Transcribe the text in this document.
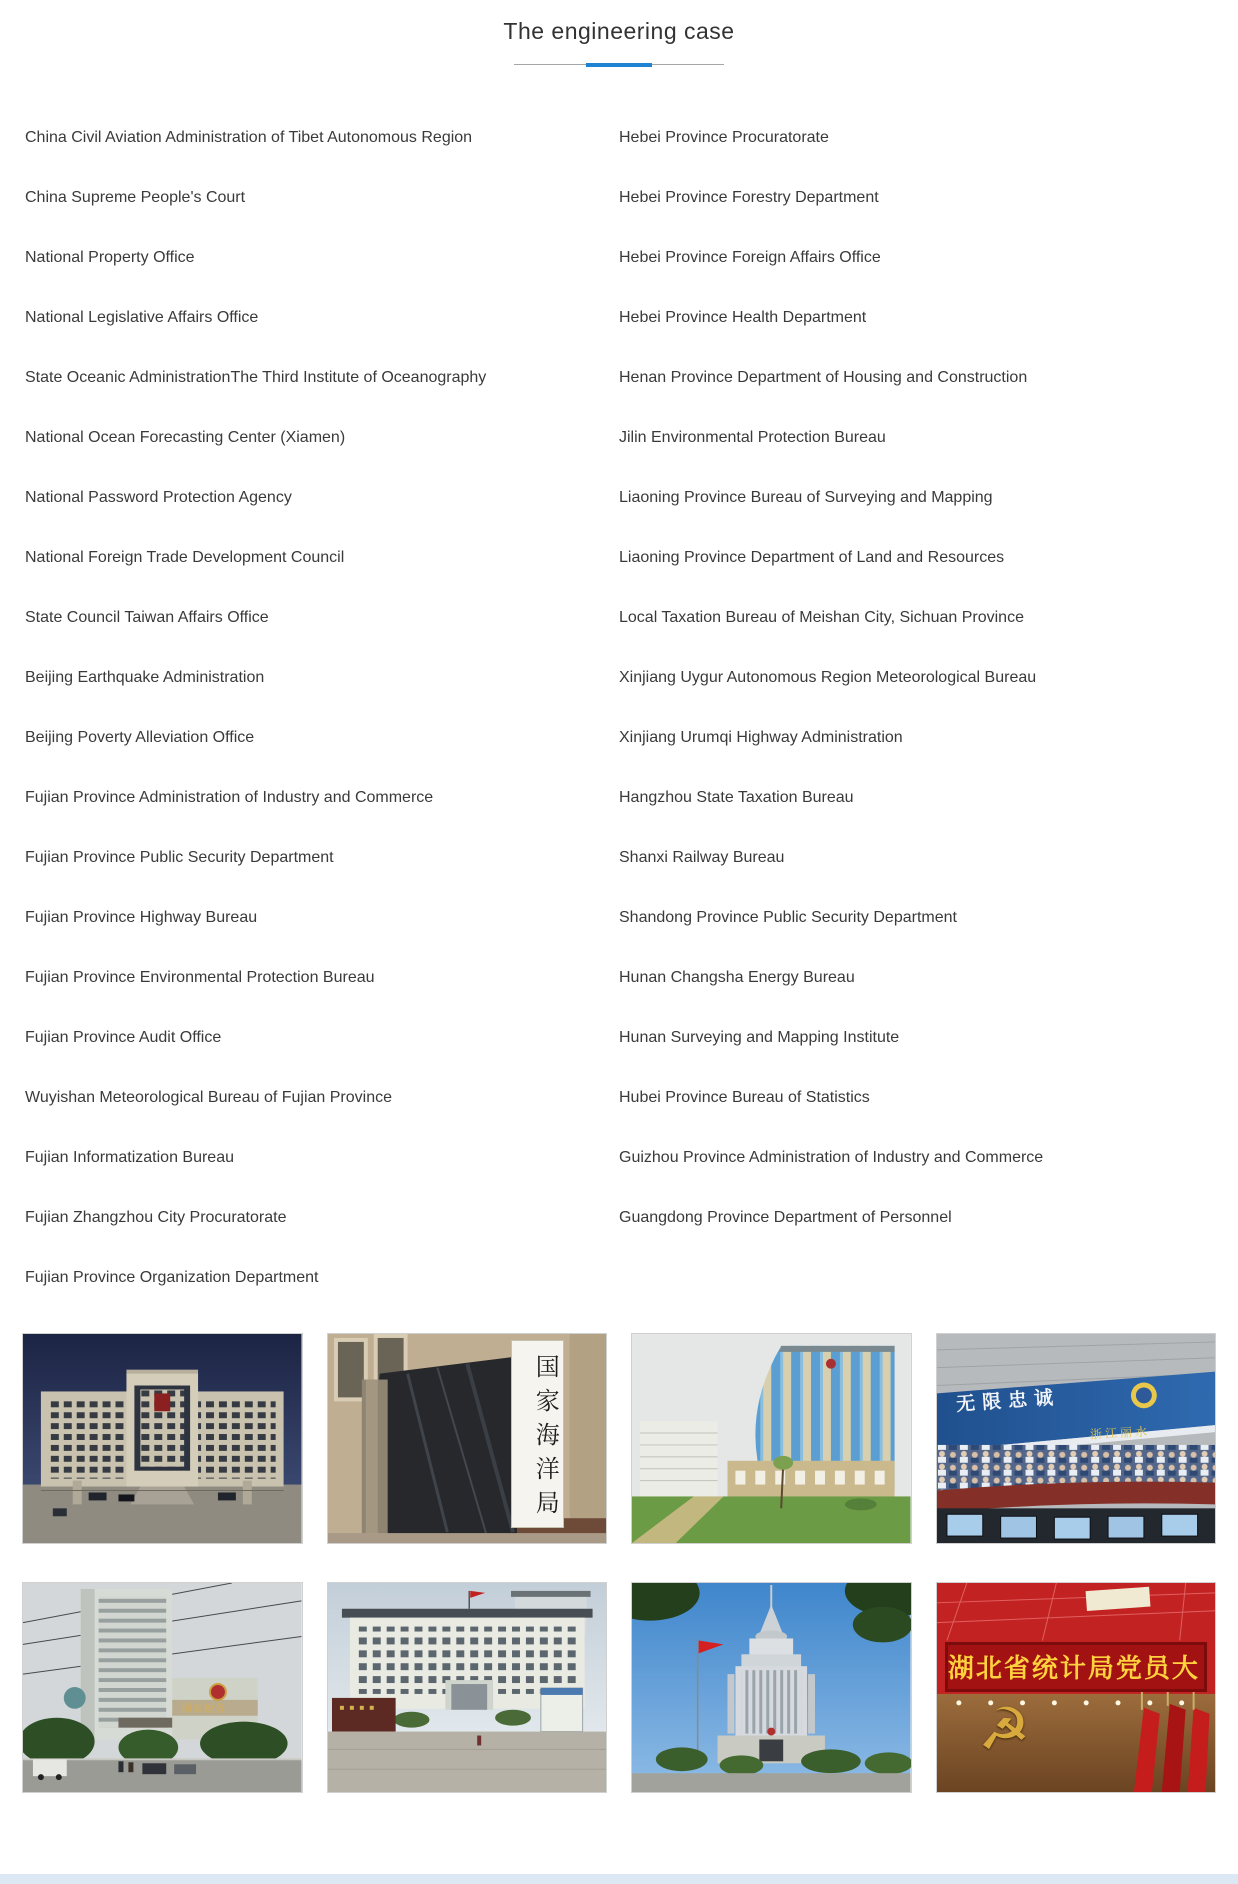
The engineering case
China Civil Aviation Administration of Tibet Autonomous Region
China Supreme People's Court
National Property Office
National Legislative Affairs Office
State Oceanic AdministrationThe Third Institute of Oceanography
National Ocean Forecasting Center (Xiamen)
National Password Protection Agency
National Foreign Trade Development Council
State Council Taiwan Affairs Office
Beijing Earthquake Administration
Beijing Poverty Alleviation Office
Fujian Province Administration of Industry and Commerce
Fujian Province Public Security Department
Fujian Province Highway Bureau
Fujian Province Environmental Protection Bureau
Fujian Province Audit Office
Wuyishan Meteorological Bureau of Fujian Province
Fujian Informatization Bureau
Fujian Zhangzhou City Procuratorate
Fujian Province Organization Department
Hebei Province Procuratorate
Hebei Province Forestry Department
Hebei Province Foreign Affairs Office
Hebei Province Health Department
Henan Province Department of Housing and Construction
Jilin Environmental Protection Bureau
Liaoning Province Bureau of Surveying and Mapping
Liaoning Province Department of Land and Resources
Local Taxation Bureau of Meishan City, Sichuan Province
Xinjiang Uygur Autonomous Region Meteorological Bureau
Xinjiang Urumqi Highway Administration
Hangzhou State Taxation Bureau
Shanxi Railway Bureau
Shandong Province Public Security Department
Hunan Changsha Energy Bureau
Hunan Surveying and Mapping Institute
Hubei Province Bureau of Statistics
Guizhou Province Administration of Industry and Commerce
Guangdong Province Department of Personnel
国家海洋局	无限忠诚
浙江丽水
国家税务
湖北省统计局党员大
☭
